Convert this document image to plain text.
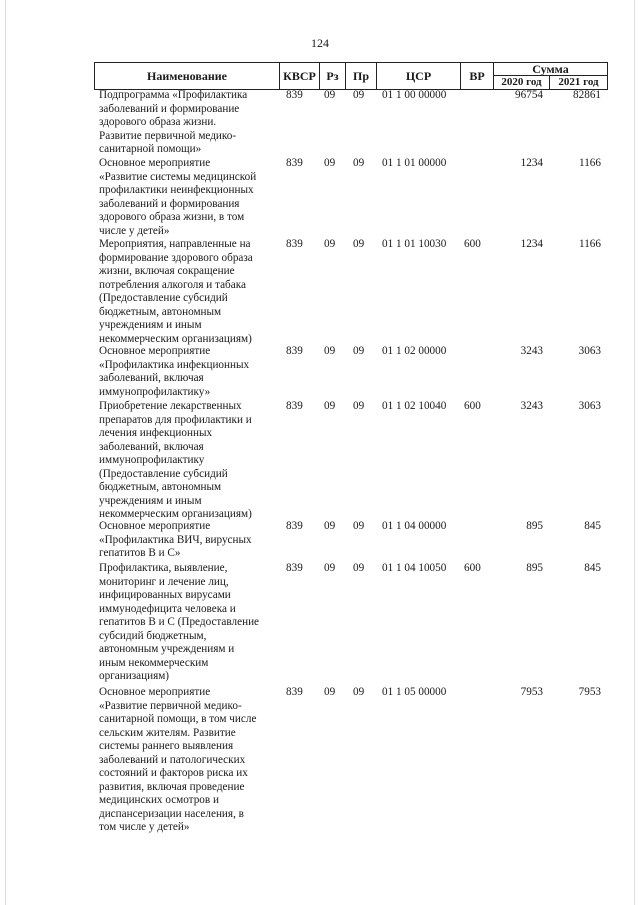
124
Наименование	КВСР Рз	Пр	ЦСР	ВР	Сумма
2020 год	2021 год
Подпрограмма «Профилактика
заболеваний и формирование
здорового образа жизни.
Развитие первичной медико-
санитарной помощи»
839 09 09 01 1 00 00000	96754	82861
Основное мероприятие
«Развитие системы медицинской
профилактики неинфекционных
заболеваний и формирования
здорового образа жизни, в том
числе у детей»
839 09 09 01 1 01 00000	1234	1166
Мероприятия, направленные на
формирование здорового образа
жизни, включая сокращение
потребления алкоголя и табака
(Предоставление субсидий
бюджетным, автономным
учреждениям и иным
некоммерческим организациям)
839 09 09 01 1 01 10030 600	1234	1166
Основное мероприятие
«Профилактика инфекционных
заболеваний, включая
иммунопрофилактику»
839 09 09 01 1 02 00000	3243	3063
Приобретение лекарственных
препаратов для профилактики и
лечения инфекционных
заболеваний, включая
иммунопрофилактику
(Предоставление субсидий
бюджетным, автономным
учреждениям и иным
некоммерческим организациям)
839 09 09 01 1 02 10040 600	3243	3063
Основное мероприятие
«Профилактика ВИЧ, вирусных
гепатитов В и С»
839 09 09 01 1 04 00000	895	845
Профилактика, выявление,
мониторинг и лечение лиц,
инфицированных вирусами
иммунодефицита человека и
гепатитов В и С (Предоставление
субсидий бюджетным,
автономным учреждениям и
иным некоммерческим
организациям)
839 09 09 01 1 04 10050 600	895	845
Основное мероприятие
«Развитие первичной медико-
санитарной помощи, в том числе
сельским жителям. Развитие
системы раннего выявления
заболеваний и патологических
состояний и факторов риска их
развития, включая проведение
медицинских осмотров и
диспансеризации населения, в
том числе у детей»
839 09 09 01 1 05 00000	7953	7953
